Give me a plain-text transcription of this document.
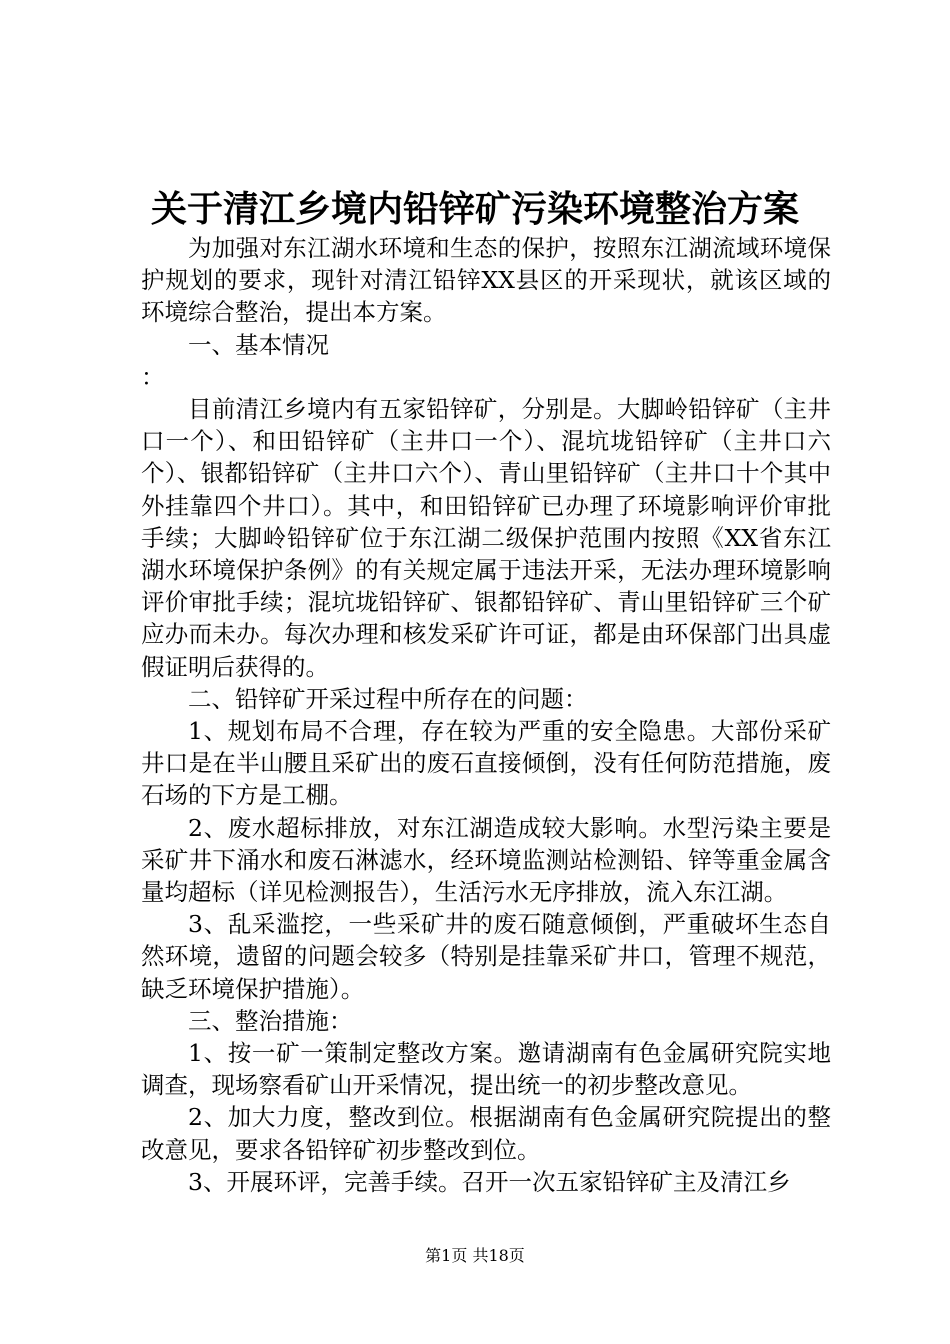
关于清江乡境内铅锌矿污染环境整治方案

为加强对东江湖水环境和生态的保护，按照东江湖流域环境保护规划的要求，现针对清江铅锌XX县区的开采现状，就该区域的环境综合整治，提出本方案。

一、基本情况

：

目前清江乡境内有五家铅锌矿，分别是。大脚岭铅锌矿（主井口一个）、和田铅锌矿（主井口一个）、混坑垅铅锌矿（主井口六个）、银都铅锌矿（主井口六个）、青山里铅锌矿（主井口十个其中外挂靠四个井口）。其中，和田铅锌矿已办理了环境影响评价审批手续；大脚岭铅锌矿位于东江湖二级保护范围内按照《XX省东江湖水环境保护条例》的有关规定属于违法开采，无法办理环境影响评价审批手续；混坑垅铅锌矿、银都铅锌矿、青山里铅锌矿三个矿应办而未办。每次办理和核发采矿许可证，都是由环保部门出具虚假证明后获得的。

二、铅锌矿开采过程中所存在的问题：

1、规划布局不合理，存在较为严重的安全隐患。大部份采矿井口是在半山腰且采矿出的废石直接倾倒，没有任何防范措施，废石场的下方是工棚。

2、废水超标排放，对东江湖造成较大影响。水型污染主要是采矿井下涌水和废石淋滤水，经环境监测站检测铅、锌等重金属含量均超标（详见检测报告），生活污水无序排放，流入东江湖。

3、乱采滥挖，一些采矿井的废石随意倾倒，严重破坏生态自然环境，遗留的问题会较多（特别是挂靠采矿井口，管理不规范，缺乏环境保护措施）。

三、整治措施：

1、按一矿一策制定整改方案。邀请湖南有色金属研究院实地调查，现场察看矿山开采情况，提出统一的初步整改意见。

2、加大力度，整改到位。根据湖南有色金属研究院提出的整改意见，要求各铅锌矿初步整改到位。

3、开展环评，完善手续。召开一次五家铅锌矿主及清江乡

第1页 共18页
